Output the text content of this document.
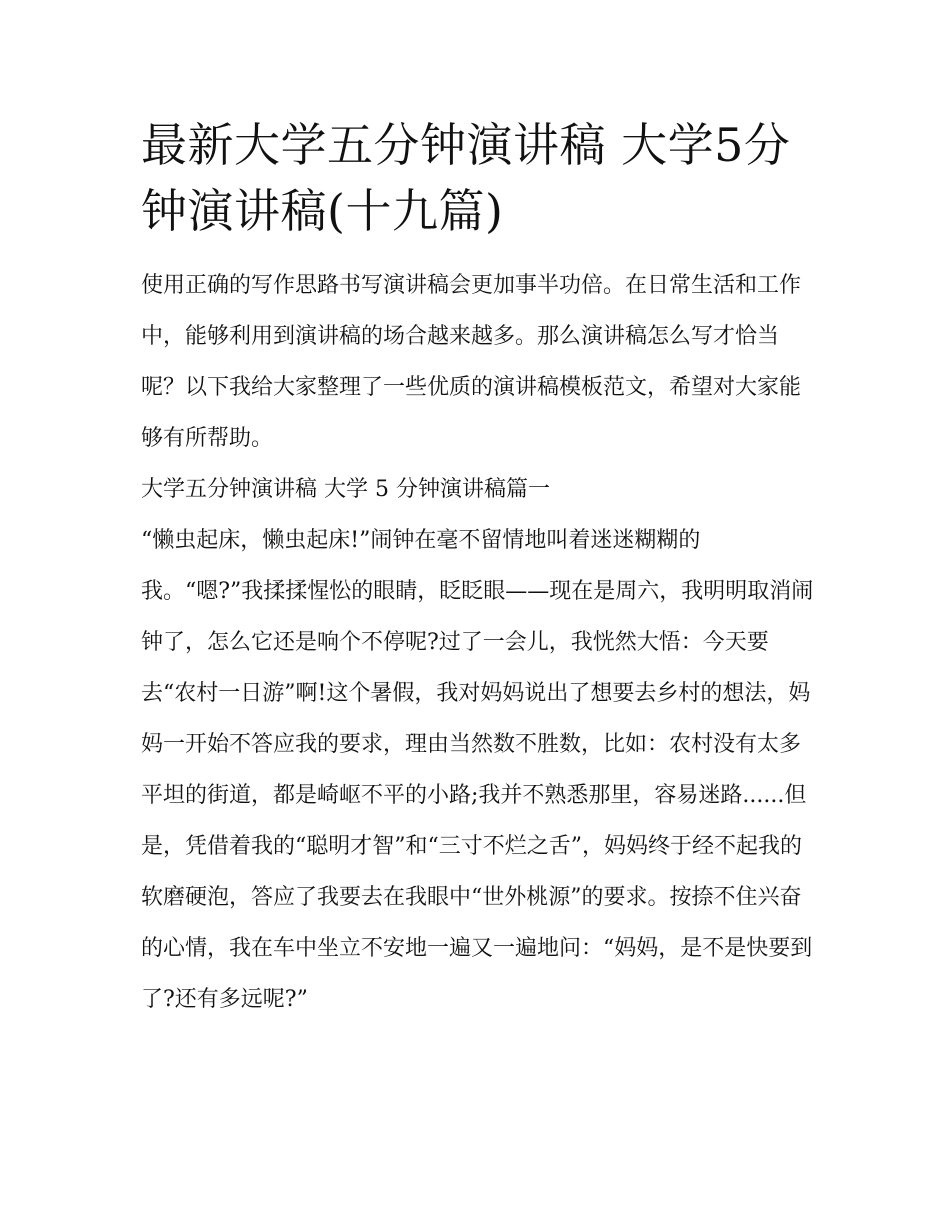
最新大学五分钟演讲稿 大学5分钟演讲稿(十九篇)

使用正确的写作思路书写演讲稿会更加事半功倍。在日常生活和工作中，能够利用到演讲稿的场合越来越多。那么演讲稿怎么写才恰当呢？以下我给大家整理了一些优质的演讲稿模板范文，希望对大家能够有所帮助。

大学五分钟演讲稿 大学 5 分钟演讲稿篇一

“懒虫起床，懒虫起床!”闹钟在毫不留情地叫着迷迷糊糊的我。“嗯?”我揉揉惺忪的眼睛，眨眨眼——现在是周六，我明明取消闹钟了，怎么它还是响个不停呢?过了一会儿，我恍然大悟：今天要去“农村一日游”啊!这个暑假，我对妈妈说出了想要去乡村的想法，妈妈一开始不答应我的要求，理由当然数不胜数，比如：农村没有太多平坦的街道，都是崎岖不平的小路;我并不熟悉那里，容易迷路......但是，凭借着我的“聪明才智”和“三寸不烂之舌”，妈妈终于经不起我的软磨硬泡，答应了我要去在我眼中“世外桃源”的要求。按捺不住兴奋的心情，我在车中坐立不安地一遍又一遍地问：“妈妈，是不是快要到了?还有多远呢?”
